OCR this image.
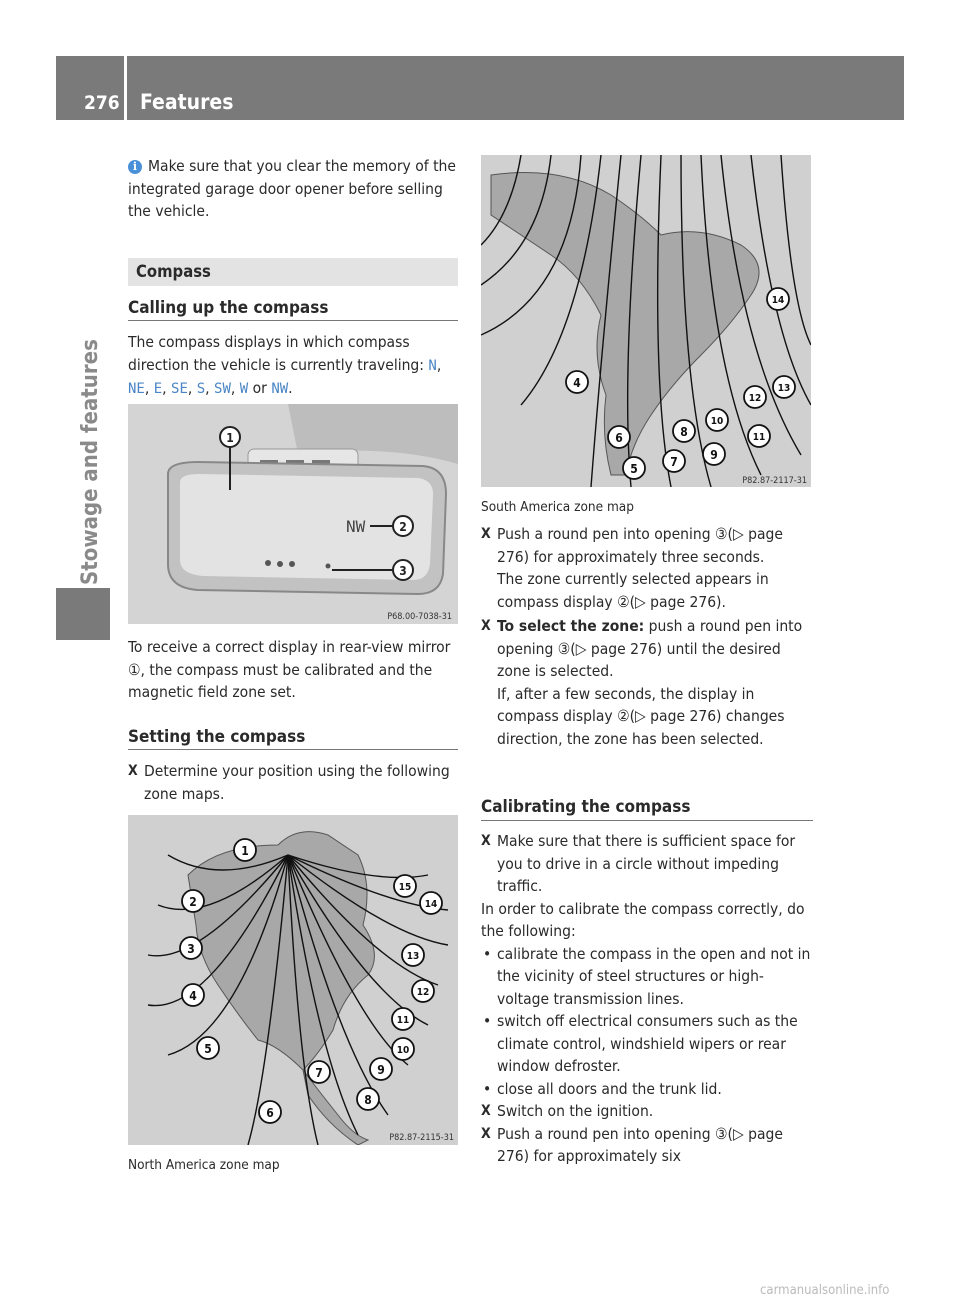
276 Features
Stowage and features

i Make sure that you clear the memory of the integrated garage door opener before selling the vehicle.

Compass
Calling up the compass

The compass displays in which compass direction the vehicle is currently traveling: N, NE, E, SE, S, SW, W or NW.

NW
1
2
3
P68.00-7038-31

To receive a correct display in rear-view mirror ①, the compass must be calibrated and the magnetic field zone set.

Setting the compass
X Determine your position using the following zone maps.
1
2
3
4
5
6
7
8
9
10
11
12
13
14
15
P82.87-2115-31
North America zone map
4
5
6
7
8
9
10
11
12
13
14
P82.87-2117-31
South America zone map
X Push a round pen into opening ③(▷ page 276) for approximately three seconds.
The zone currently selected appears in compass display ②(▷ page 276).
X To select the zone: push a round pen into opening ③(▷ page 276) until the desired zone is selected.
If, after a few seconds, the display in compass display ②(▷ page 276) changes direction, the zone has been selected.
Calibrating the compass
X Make sure that there is sufficient space for you to drive in a circle without impeding traffic.

In order to calibrate the compass correctly, do the following:

• calibrate the compass in the open and not in the vicinity of steel structures or high-voltage transmission lines.
• switch off electrical consumers such as the climate control, windshield wipers or rear window defroster.
• close all doors and the trunk lid.
X Switch on the ignition.
X Push a round pen into opening ③(▷ page 276) for approximately six
carmanualsonline.info
